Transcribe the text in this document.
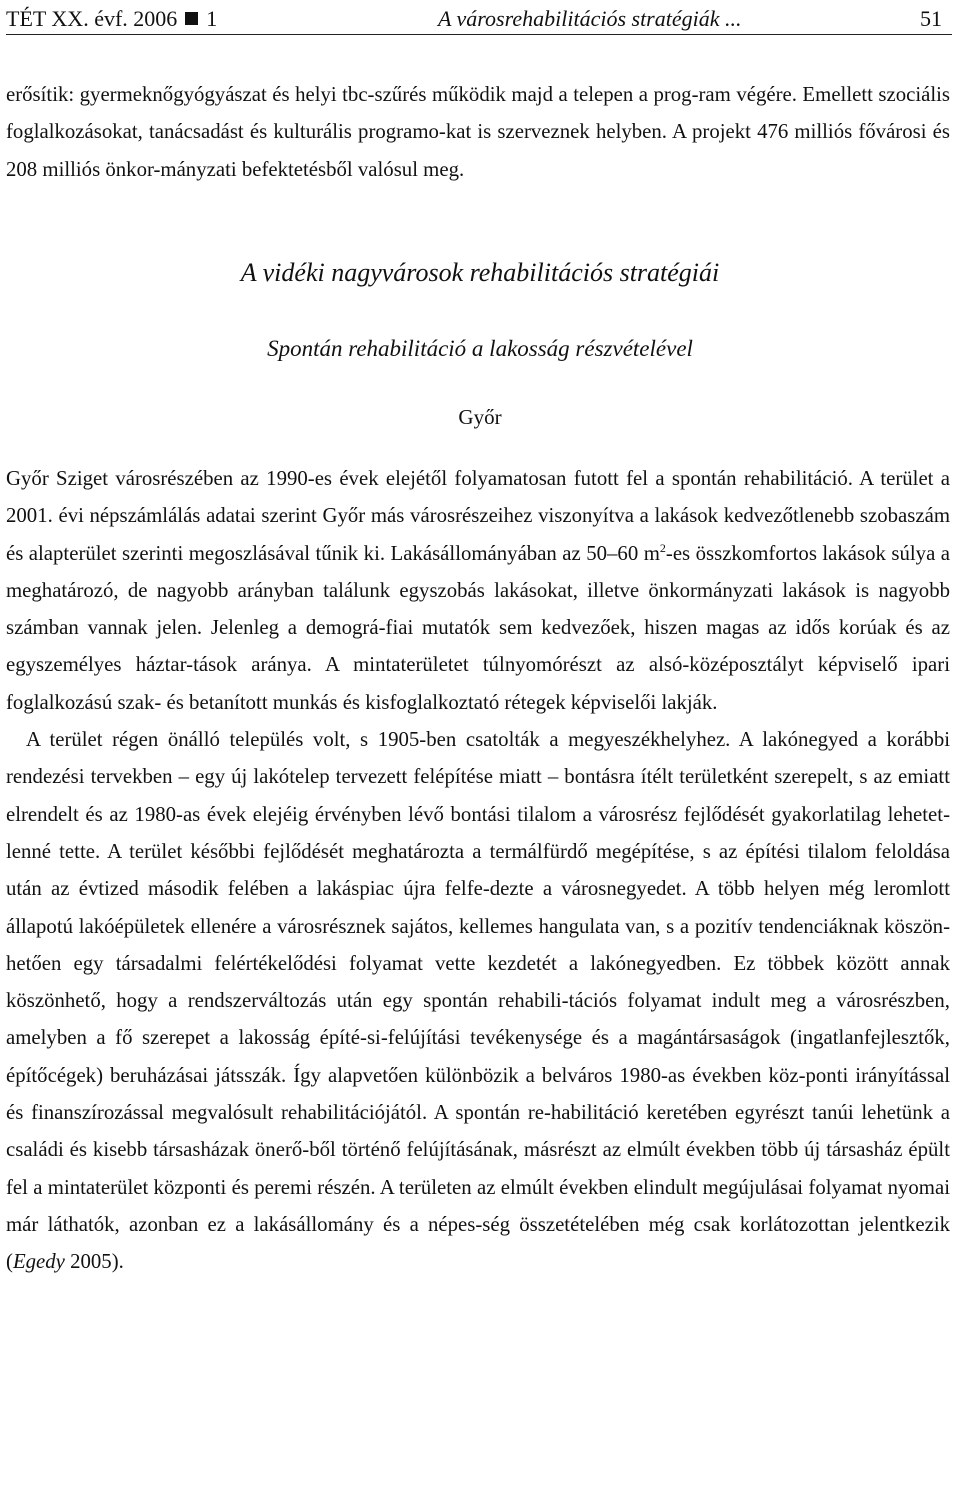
TÉT XX. évf. 2006 1	A városrehabilitációs stratégiák ...	51

erősítik: gyermeknőgyógyászat és helyi tbc-szűrés működik majd a telepen a prog-ram végére. Emellett szociális foglalkozásokat, tanácsadást és kulturális programo-kat is szerveznek helyben. A projekt 476 milliós fővárosi és 208 milliós önkor-mányzati befektetésből valósul meg.

A vidéki nagyvárosok rehabilitációs stratégiái
Spontán rehabilitáció a lakosság részvételével
Győr

Győr Sziget városrészében az 1990-es évek elejétől folyamatosan futott fel a spontán rehabilitáció. A terület a 2001. évi népszámlálás adatai szerint Győr más városrészeihez viszonyítva a lakások kedvezőtlenebb szobaszám és alapterület szerinti megoszlásával tűnik ki. Lakásállományában az 50–60 $m^2-es$ összkomfortos lakások súlya a meghatározó, de nagyobb arányban találunk egyszobás lakásokat, illetve önkormányzati lakások is nagyobb számban vannak jelen. Jelenleg a demográ-fiai mutatók sem kedvezőek, hiszen magas az idős korúak és az egyszemélyes háztar-tások aránya. A mintaterületet túlnyomórészt az alsó-középosztályt képviselő ipari foglalkozású szak- és betanított munkás és kisfoglalkoztató rétegek képviselői lakják.

A terület régen önálló település volt, s 1905-ben csatolták a megyeszékhelyhez. A lakónegyed a korábbi rendezési tervekben – egy új lakótelep tervezett felépítése miatt – bontásra ítélt területként szerepelt, s az emiatt elrendelt és az 1980-as évek elejéig érvényben lévő bontási tilalom a városrész fejlődését gyakorlatilag lehetet-lenné tette. A terület későbbi fejlődését meghatározta a termálfürdő megépítése, s az építési tilalom feloldása után az évtized második felében a lakáspiac újra felfe-dezte a városnegyedet. A több helyen még leromlott állapotú lakóépületek ellenére a városrésznek sajátos, kellemes hangulata van, s a pozitív tendenciáknak köszön-hetően egy társadalmi felértékelődési folyamat vette kezdetét a lakónegyedben. Ez többek között annak köszönhető, hogy a rendszerváltozás után egy spontán rehabili-tációs folyamat indult meg a városrészben, amelyben a fő szerepet a lakosság építé-si-felújítási tevékenysége és a magántársaságok (ingatlanfejlesztők, építőcégek) beruházásai játsszák. Így alapvetően különbözik a belváros 1980-as években köz-ponti irányítással és finanszírozással megvalósult rehabilitációjától. A spontán re-habilitáció keretében egyrészt tanúi lehetünk a családi és kisebb társasházak önerő-ből történő felújításának, másrészt az elmúlt években több új társasház épült fel a mintaterület központi és peremi részén. A területen az elmúlt években elindult megújulásai folyamat nyomai már láthatók, azonban ez a lakásállomány és a népes-ség összetételében még csak korlátozottan jelentkezik (Egedy 2005).
